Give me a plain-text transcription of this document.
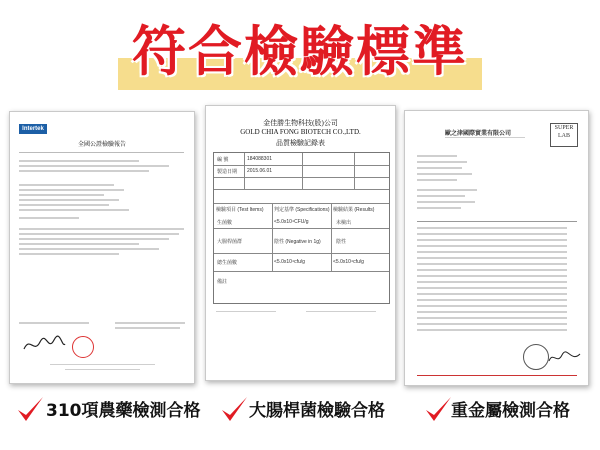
符合檢驗標準
Intertek
全國公證檢驗報告
金佳勝生物科技(股)公司
GOLD CHIA FONG BIOTECH CO.,LTD.
品質檢驗記錄表
編 號	184088301
製造日期 2015.06.01
檢驗項目 (Test Items) 判定基準 (Specifications) 檢驗結果 (Results)
生菌數	<5.0x10⁴CFU/g	未檢出
大腸桿菌群	陰性 (Negative in 1g)	陰性
總生菌數	<5.0x10⁴cfu/g	<5.0x10⁴cfu/g
備註
SUPER LAB
歐之津國際實業有限公司
310項農藥檢測合格	大腸桿菌檢驗合格	重金屬檢測合格
